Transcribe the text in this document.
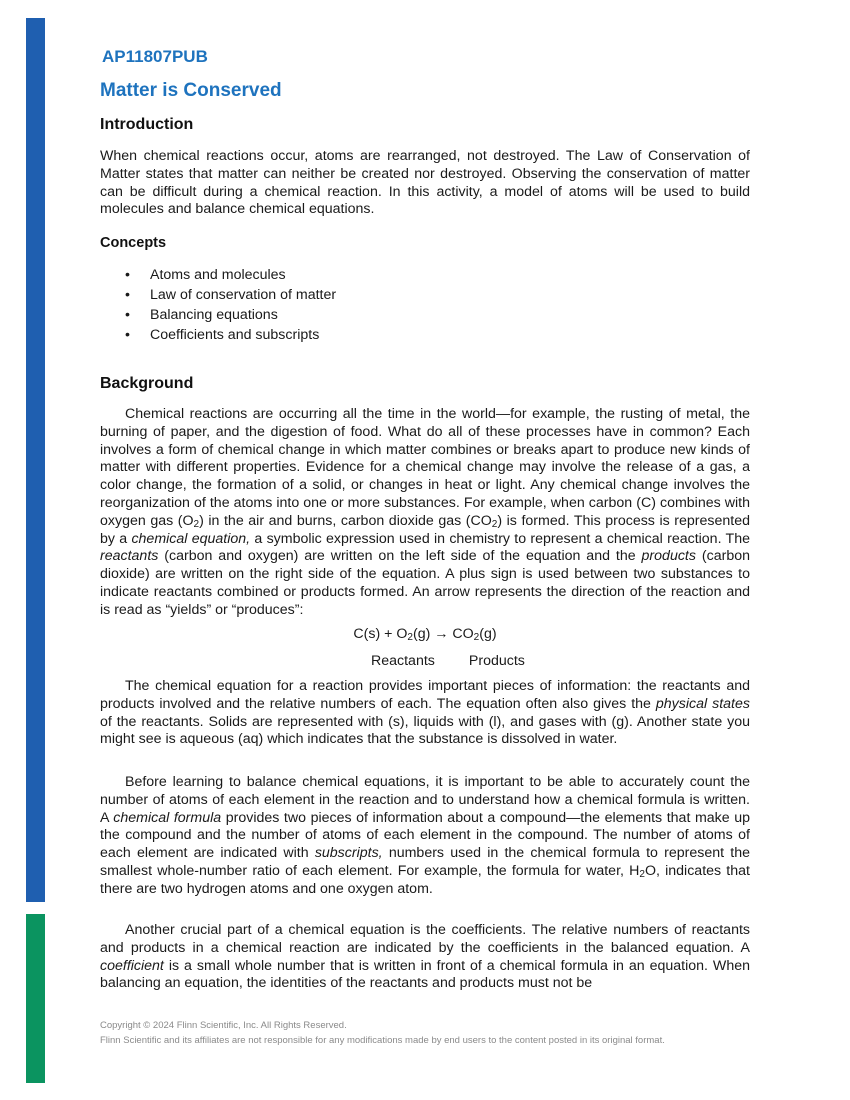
AP11807PUB
Matter is Conserved
Introduction

When chemical reactions occur, atoms are rearranged, not destroyed. The Law of Conservation of Matter states that matter can neither be created nor destroyed. Observing the conservation of matter can be difficult during a chemical reaction. In this activity, a model of atoms will be used to build molecules and balance chemical equations.

Concepts
• Atoms and molecules
• Law of conservation of matter
• Balancing equations
• Coefficients and subscripts
Background

Chemical reactions are occurring all the time in the world—for example, the rusting of metal, the burning of paper, and the digestion of food. What do all of these processes have in common? Each involves a form of chemical change in which matter combines or breaks apart to produce new kinds of matter with different properties. Evidence for a chemical change may involve the release of a gas, a color change, the formation of a solid, or changes in heat or light. Any chemical change involves the reorganization of the atoms into one or more substances. For example, when carbon (C) combines with oxygen gas $(O_2)$ in the air and burns, carbon dioxide gas $(CO_2)$ is formed. This process is represented by a chemical equation, a symbolic expression used in chemistry to represent a chemical reaction. The reactants (carbon and oxygen) are written on the left side of the equation and the products (carbon dioxide) are written on the right side of the equation. A plus sign is used between two substances to indicate reactants combined or products formed. An arrow represents the direction of the reaction and is read as “yields” or “produces”:

$C(s) + O_2(g) \to CO_2(g)$
Reactants Products

The chemical equation for a reaction provides important pieces of information: the reactants and products involved and the relative numbers of each. The equation often also gives the physical states of the reactants. Solids are represented with (s), liquids with (l), and gases with (g). Another state you might see is aqueous (aq) which indicates that the substance is dissolved in water.

Before learning to balance chemical equations, it is important to be able to accurately count the number of atoms of each element in the reaction and to understand how a chemical formula is written. A chemical formula provides two pieces of information about a compound—the elements that make up the compound and the number of atoms of each element in the compound. The number of atoms of each element are indicated with subscripts, numbers used in the chemical formula to represent the smallest whole-number ratio of each element. For example, the formula for water, $H_2O$, indicates that there are two hydrogen atoms and one oxygen atom.

Another crucial part of a chemical equation is the coefficients. The relative numbers of reactants and products in a chemical reaction are indicated by the coefficients in the balanced equation. A coefficient is a small whole number that is written in front of a chemical formula in an equation. When balancing an equation, the identities of the reactants and products must not be

Copyright © 2024 Flinn Scientific, Inc. All Rights Reserved.
Flinn Scientific and its affiliates are not responsible for any modifications made by end users to the content posted in its original format.
